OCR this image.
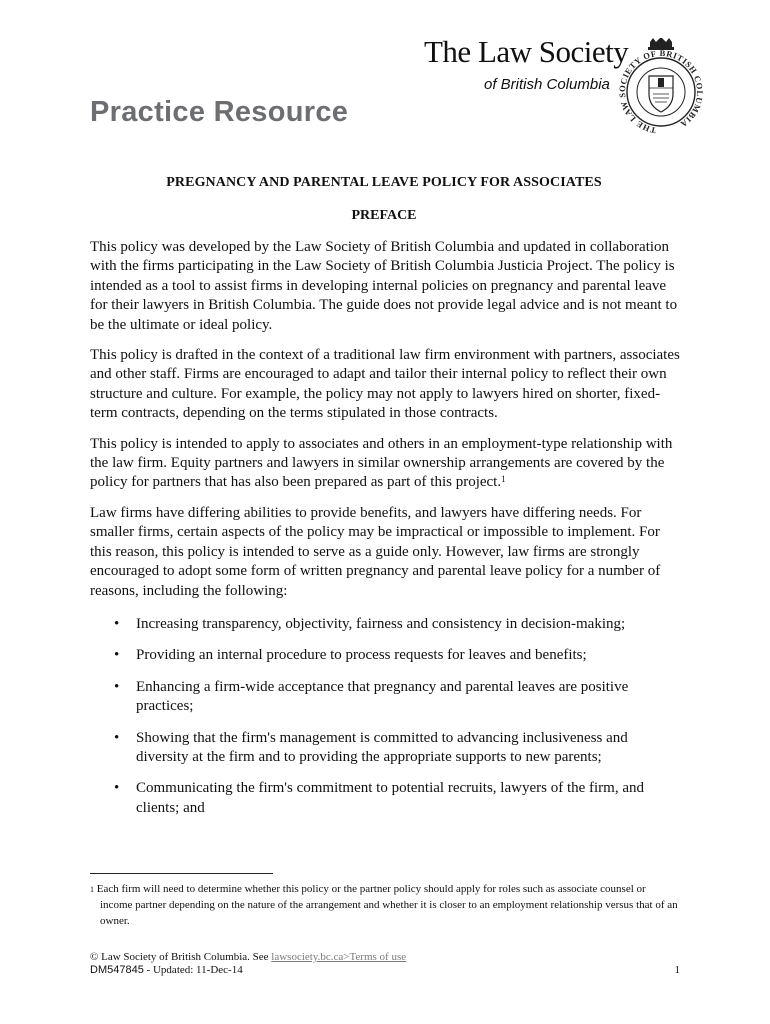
The Law Society
of British Columbia
THE LAW SOCIETY OF BRITISH COLUMBIA
Practice Resource
PREGNANCY AND PARENTAL LEAVE POLICY FOR ASSOCIATES
PREFACE

This policy was developed by the Law Society of British Columbia and updated in collaboration with the firms participating in the Law Society of British Columbia Justicia Project. The policy is intended as a tool to assist firms in developing internal policies on pregnancy and parental leave for their lawyers in British Columbia. The guide does not provide legal advice and is not meant to be the ultimate or ideal policy.

This policy is drafted in the context of a traditional law firm environment with partners, associates and other staff. Firms are encouraged to adapt and tailor their internal policy to reflect their own structure and culture. For example, the policy may not apply to lawyers hired on shorter, fixed-term contracts, depending on the terms stipulated in those contracts.

This policy is intended to apply to associates and others in an employment-type relationship with the law firm. Equity partners and lawyers in similar ownership arrangements are covered by the policy for partners that has also been prepared as part of this project.$^1$

Law firms have differing abilities to provide benefits, and lawyers have differing needs. For smaller firms, certain aspects of the policy may be impractical or impossible to implement. For this reason, this policy is intended to serve as a guide only. However, law firms are strongly encouraged to adopt some form of written pregnancy and parental leave policy for a number of reasons, including the following:

• Increasing transparency, objectivity, fairness and consistency in decision-making;
• Providing an internal procedure to process requests for leaves and benefits;
• Enhancing a firm-wide acceptance that pregnancy and parental leaves are positive practices;
• Showing that the firm's management is committed to advancing inclusiveness and diversity at the firm and to providing the appropriate supports to new parents;
• Communicating the firm's commitment to potential recruits, lawyers of the firm, and clients; and
$^1$ Each firm will need to determine whether this policy or the partner policy should apply for roles such as associate counsel or income partner depending on the nature of the arrangement and whether it is closer to an employment relationship versus that of an owner.
© Law Society of British Columbia. See lawsociety.bc.ca>Terms of use
DM547845 - Updated: 11-Dec-14	1
